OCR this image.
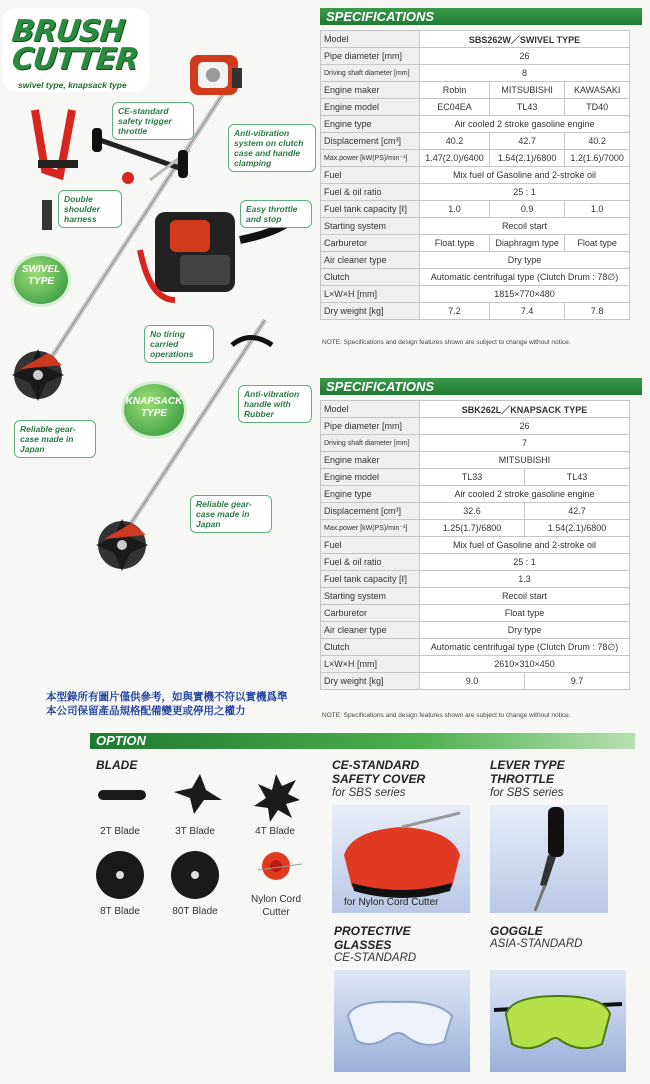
BRUSH
CUTTER
swivel type, knapsack type
SWIVEL TYPE
KNAPSACK TYPE
CE-standard safety trigger throttle	Anti-vibration system on clutch case and handle clamping
Double shoulder harness
Easy throttle and stop
No tiring carried operations
Anti-vibration handle with Rubber
Reliable gear-case made in Japan
Reliable gear-case made in Japan
SPECIFICATIONS
Model	SBS262W／SWIVEL TYPE		
Pipe diameter [mm]	26		
Driving shaft diameter [mm]	8		
Engine maker	Robin	MITSUBISHI	KAWASAKI
Engine model	EC04EA	TL43	TD40
Engine type	Air cooled 2 stroke gasoline engine		
Displacement [cm³]	40.2	42.7	40.2
Max.power [kW(PS)/min⁻¹]	1.47(2.0)/6400	1.54(2.1)/6800	1.2(1.6)/7000
Fuel	Mix fuel of Gasoline and 2-stroke oil		
Fuel & oil ratio	25 : 1		
Fuel tank capacity [ℓ]	1.0	0.9	1.0
Starting system	Recoil start		
Carburetor	Float type	Diaphragm type	Float type
Air cleaner type	Dry type		
Clutch	Automatic centrifugal type (Clutch Drum : 78∅)		
L×W×H [mm]	1815×770×480		
Dry weight [kg]	7.2	7.4	7.8
NOTE: Specifications and design features shown are subject to change without notice.
SPECIFICATIONS
Model	SBK262L／KNAPSACK TYPE	
Pipe diameter [mm]	26	
Driving shaft diameter [mm]	7	
Engine maker	MITSUBISHI	
Engine model	TL33	TL43
Engine type	Air cooled 2 stroke gasoline engine	
Displacement [cm³]	32.6	42.7
Max.power [kW(PS)/min⁻¹]	1.25(1.7)/6800	1.54(2.1)/6800
Fuel	Mix fuel of Gasoline and 2-stroke oil	
Fuel & oil ratio	25 : 1	
Fuel tank capacity [ℓ]	1.3	
Starting system	Recoil start	
Carburetor	Float type	
Air cleaner type	Dry type	
Clutch	Automatic centrifugal type (Clutch Drum : 78∅)	
L×W×H [mm]	2610×310×450	
Dry weight [kg]	9.0	9.7
NOTE: Specifications and design features shown are subject to change without notice.
本型錄所有圖片僅供參考，如與實機不符以實機爲準
本公司保留產品規格配備變更或停用之權力
OPTION
BLADE
2T Blade	3T Blade	4T Blade
8T Blade	80T Blade
Nylon Cord Cutter
CE-STANDARD
SAFETY COVER
for SBS series
for Nylon Cord Cutter
LEVER TYPE
THROTTLE
for SBS series
PROTECTIVE
GLASSES
CE-STANDARD
GOGGLE
ASIA-STANDARD
